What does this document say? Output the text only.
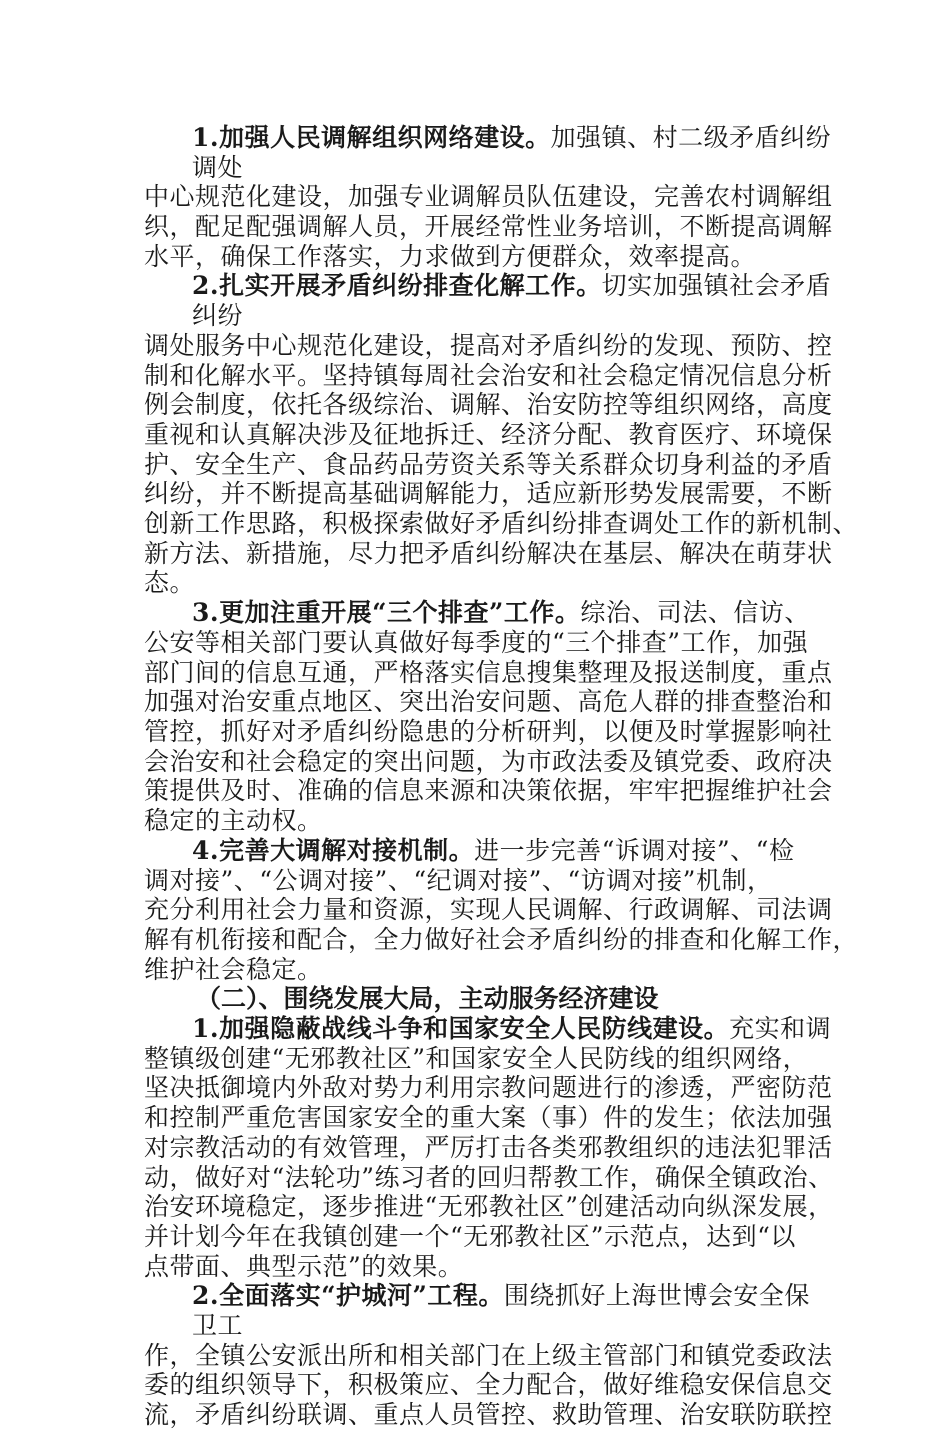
1.加强人民调解组织网络建设。加强镇、村二级矛盾纠纷
调处
中心规范化建设，加强专业调解员队伍建设，完善农村调解组
织，配足配强调解人员，开展经常性业务培训，不断提高调解
水平，确保工作落实，力求做到方便群众，效率提高。
2.扎实开展矛盾纠纷排查化解工作。切实加强镇社会矛盾
纠纷
调处服务中心规范化建设，提高对矛盾纠纷的发现、预防、控
制和化解水平。坚持镇每周社会治安和社会稳定情况信息分析
例会制度，依托各级综治、调解、治安防控等组织网络，高度
重视和认真解决涉及征地拆迁、经济分配、教育医疗、环境保
护、安全生产、食品药品劳资关系等关系群众切身利益的矛盾
纠纷，并不断提高基础调解能力，适应新形势发展需要，不断
创新工作思路，积极探索做好矛盾纠纷排查调处工作的新机制、
新方法、新措施，尽力把矛盾纠纷解决在基层、解决在萌芽状
态。
3.更加注重开展“三个排查”工作。综治、司法、信访、
公安等相关部门要认真做好每季度的“三个排查”工作，加强
部门间的信息互通，严格落实信息搜集整理及报送制度，重点
加强对治安重点地区、突出治安问题、高危人群的排查整治和
管控，抓好对矛盾纠纷隐患的分析研判，以便及时掌握影响社
会治安和社会稳定的突出问题，为市政法委及镇党委、政府决
策提供及时、准确的信息来源和决策依据，牢牢把握维护社会
稳定的主动权。
4.完善大调解对接机制。进一步完善“诉调对接”、“检
调对接”、“公调对接”、“纪调对接”、“访调对接”机制，
充分利用社会力量和资源，实现人民调解、行政调解、司法调
解有机衔接和配合，全力做好社会矛盾纠纷的排查和化解工作，
维护社会稳定。
（二）、围绕发展大局，主动服务经济建设
1.加强隐蔽战线斗争和国家安全人民防线建设。充实和调
整镇级创建“无邪教社区”和国家安全人民防线的组织网络，
坚决抵御境内外敌对势力利用宗教问题进行的渗透，严密防范
和控制严重危害国家安全的重大案（事）件的发生；依法加强
对宗教活动的有效管理，严厉打击各类邪教组织的违法犯罪活
动，做好对“法轮功”练习者的回归帮教工作，确保全镇政治、
治安环境稳定，逐步推进“无邪教社区”创建活动向纵深发展，
并计划今年在我镇创建一个“无邪教社区”示范点，达到“以
点带面、典型示范”的效果。
2.全面落实“护城河”工程。围绕抓好上海世博会安全保
卫工
作，全镇公安派出所和相关部门在上级主管部门和镇党委政法
委的组织领导下，积极策应、全力配合，做好维稳安保信息交
流，矛盾纠纷联调、重点人员管控、救助管理、治安联防联控
